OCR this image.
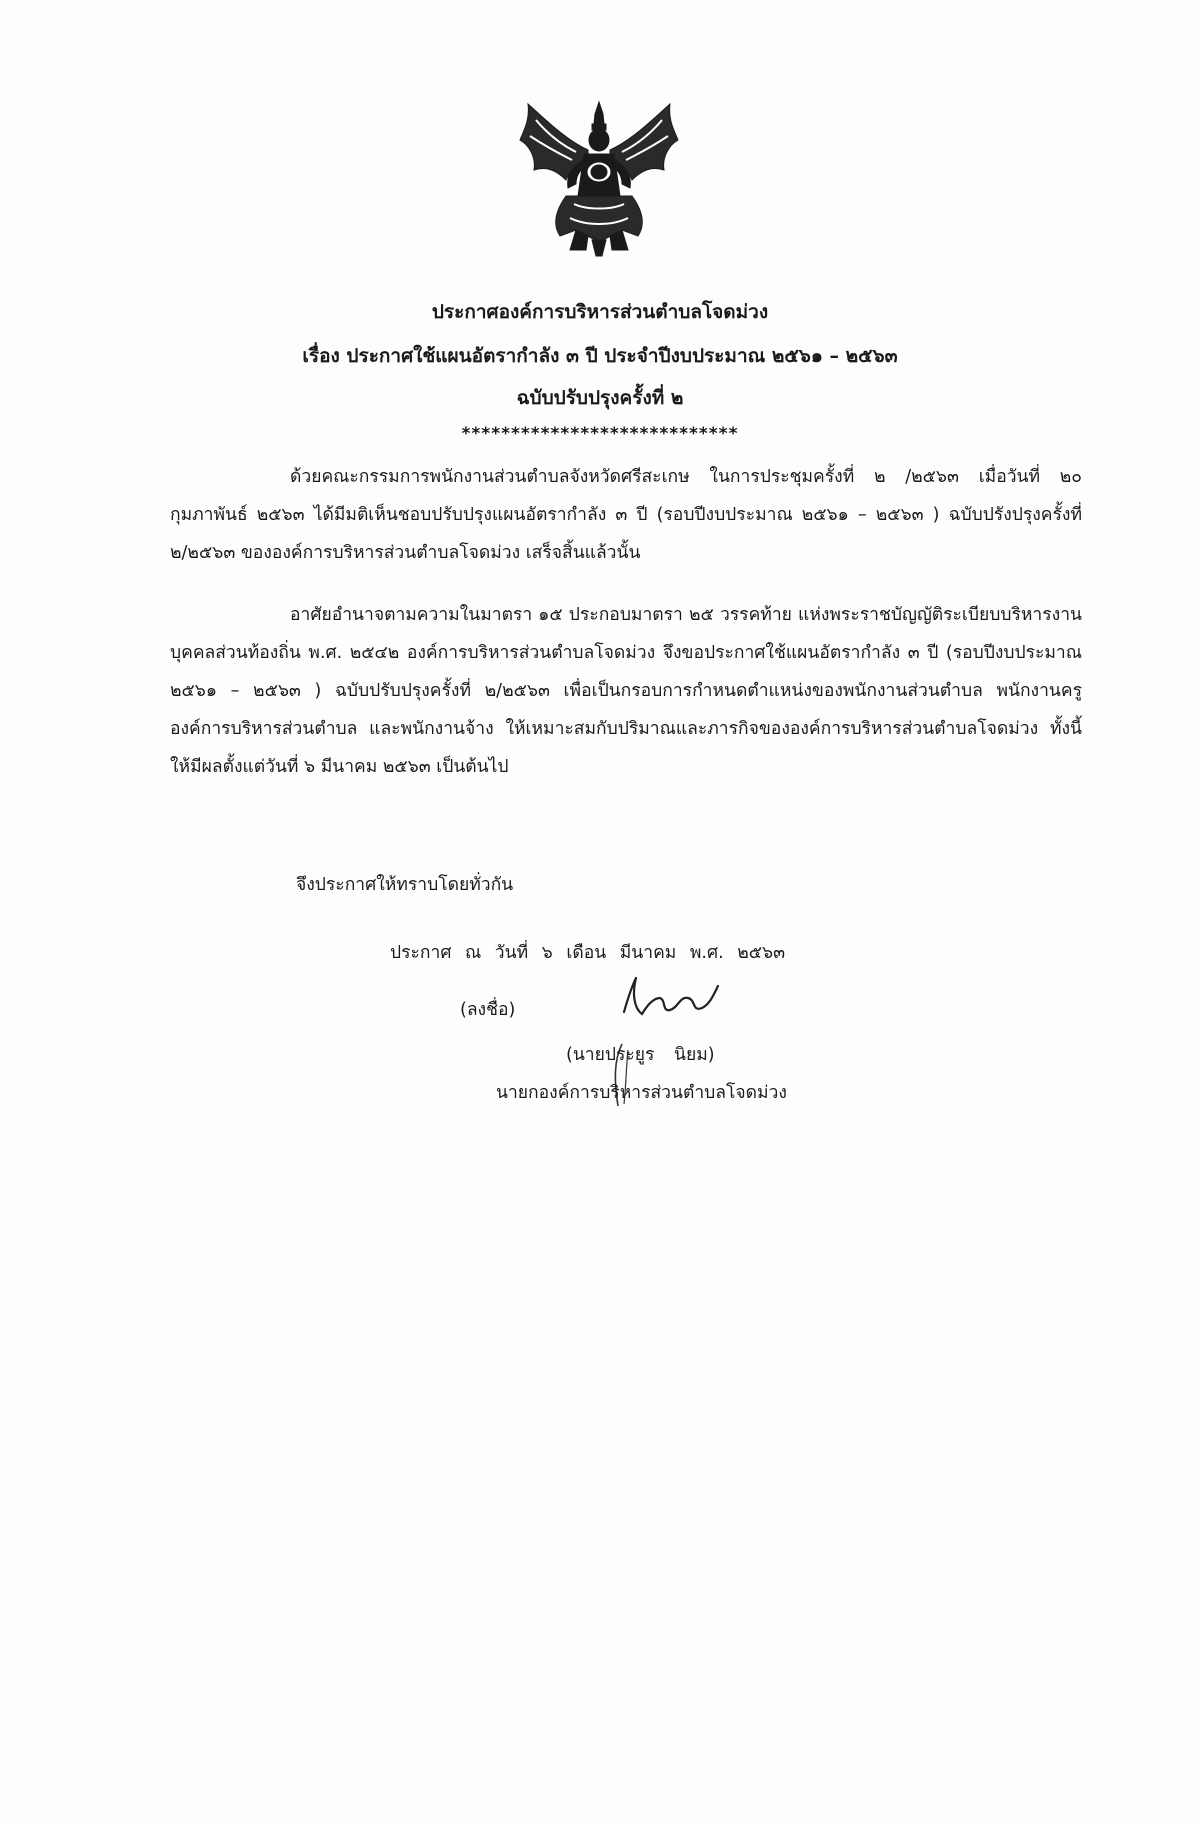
ประกาศองค์การบริหารส่วนตำบลโจดม่วง
เรื่อง ประกาศใช้แผนอัตรากำลัง ๓ ปี ประจำปีงบประมาณ ๒๕๖๑ – ๒๕๖๓
ฉบับปรับปรุงครั้งที่ ๒
****************************
ด้วยคณะกรรมการพนักงานส่วนตำบลจังหวัดศรีสะเกษ ในการประชุมครั้งที่ ๒ /๒๕๖๓ เมื่อวันที่ ๒๐ กุมภาพันธ์ ๒๕๖๓ ได้มีมติเห็นชอบปรับปรุงแผนอัตรากำลัง ๓ ปี (รอบปีงบประมาณ ๒๕๖๑ – ๒๕๖๓ ) ฉบับปรังปรุงครั้งที่ ๒/๒๕๖๓ ขององค์การบริหารส่วนตำบลโจดม่วง เสร็จสิ้นแล้วนั้น
อาศัยอำนาจตามความในมาตรา ๑๕ ประกอบมาตรา ๒๕ วรรคท้าย แห่งพระราชบัญญัติระเบียบบริหารงานบุคคลส่วนท้องถิ่น พ.ศ. ๒๕๔๒ องค์การบริหารส่วนตำบลโจดม่วง จึงขอประกาศใช้แผนอัตรากำลัง ๓ ปี (รอบปีงบประมาณ ๒๕๖๑ – ๒๕๖๓ ) ฉบับปรับปรุงครั้งที่ ๒/๒๕๖๓ เพื่อเป็นกรอบการกำหนดตำแหน่งของพนักงานส่วนตำบล พนักงานครูองค์การบริหารส่วนตำบล และพนักงานจ้าง ให้เหมาะสมกับปริมาณและภารกิจขององค์การบริหารส่วนตำบลโจดม่วง ทั้งนี้ให้มีผลตั้งแต่วันที่ ๖ มีนาคม ๒๕๖๓ เป็นต้นไป
จึงประกาศให้ทราบโดยทั่วกัน
ประกาศ ณ วันที่ ๖ เดือน มีนาคม พ.ศ. ๒๕๖๓
(ลงชื่อ)
(นายประยูร นิยม)
นายกองค์การบริหารส่วนตำบลโจดม่วง
